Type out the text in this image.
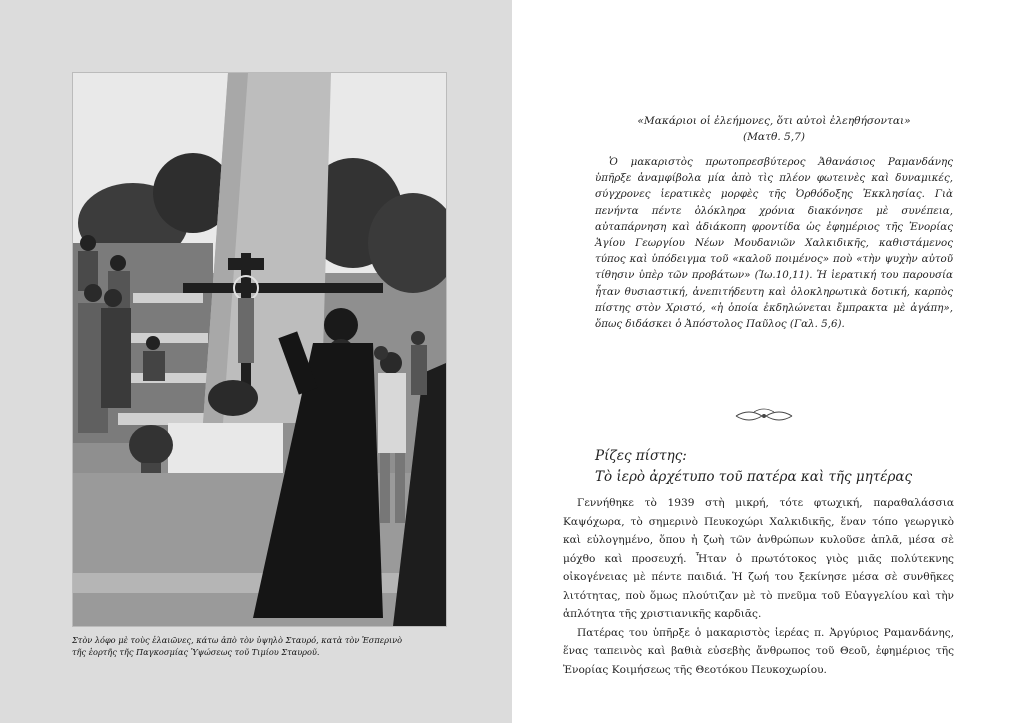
Στὸν λόφο μὲ τοὺς ἐλαιῶνες, κάτω ἀπὸ τὸν ὑψηλὸ Σταυρό, κατὰ τὸν Ἑσπερινὸ
τῆς ἑορτῆς τῆς Παγκοσμίας Ὑψώσεως τοῦ Τιμίου Σταυροῦ.
«Μακάριοι οἱ ἐλεήμονες, ὅτι αὐτοὶ ἐλεηθήσονται»
(Ματθ. 5,7)

Ὁ μακαριστὸς πρωτοπρεσβύτερος Ἀθανάσιος Ραμανδάνης ὑπῆρξε ἀναμφίβολα μία ἀπὸ τὶς πλέον φωτεινὲς καὶ δυναμικές, σύγχρονες ἱερατικὲς μορφὲς τῆς Ὀρθόδοξης Ἐκκλησίας. Γιὰ πενήντα πέντε ὁλόκληρα χρόνια διακόνησε μὲ συνέπεια, αὐταπάρνηση καὶ ἀδιάκοπη φροντίδα ὡς ἐφημέριος τῆς Ἐνορίας Ἁγίου Γεωργίου Νέων Μουδανιῶν Χαλκιδικῆς, καθιστάμενος τύπος καὶ ὑπόδειγμα τοῦ «καλοῦ ποιμένος» ποὺ «τὴν ψυχὴν αὐτοῦ τίθησιν ὑπὲρ τῶν προβάτων» (Ἰω.10,11). Ἡ ἱερατική του παρουσία ἦταν θυσιαστική, ἀνεπιτήδευτη καὶ ὁλοκληρωτικὰ δοτική, καρπὸς πίστης στὸν Χριστό, «ἡ ὁποία ἐκδηλώνεται ἔμπρακτα μὲ ἀγάπη», ὅπως διδάσκει ὁ Ἀπόστολος Παῦλος (Γαλ. 5,6).

Ρίζες πίστης:
Τὸ ἱερὸ ἀρχέτυπο τοῦ πατέρα καὶ τῆς μητέρας

Γεννήθηκε τὸ 1939 στὴ μικρή, τότε φτωχική, παραθαλάσσια Καψόχωρα, τὸ σημερινὸ Πευκοχώρι Χαλκιδικῆς, ἕναν τόπο γεωργικὸ καὶ εὐλογημένο, ὅπου ἡ ζωὴ τῶν ἀνθρώπων κυλοῦσε ἁπλᾶ, μέσα σὲ μόχθο καὶ προσευχή. Ἦταν ὁ πρωτότοκος γιὸς μιᾶς πολύτεκνης οἰκογένειας μὲ πέντε παιδιά. Ἡ ζωή του ξεκίνησε μέσα σὲ συνθῆκες λιτότητας, ποὺ ὅμως πλούτιζαν μὲ τὸ πνεῦμα τοῦ Εὐαγγελίου καὶ τὴν ἁπλότητα τῆς χριστιανικῆς καρδιᾶς.

Πατέρας του ὑπῆρξε ὁ μακαριστὸς ἱερέας π. Ἀργύριος Ραμανδάνης, ἕνας ταπεινὸς καὶ βαθιὰ εὐσεβὴς ἄνθρωπος τοῦ Θεοῦ, ἐφημέριος τῆς Ἐνορίας Κοιμήσεως τῆς Θεοτόκου Πευκοχωρίου.
